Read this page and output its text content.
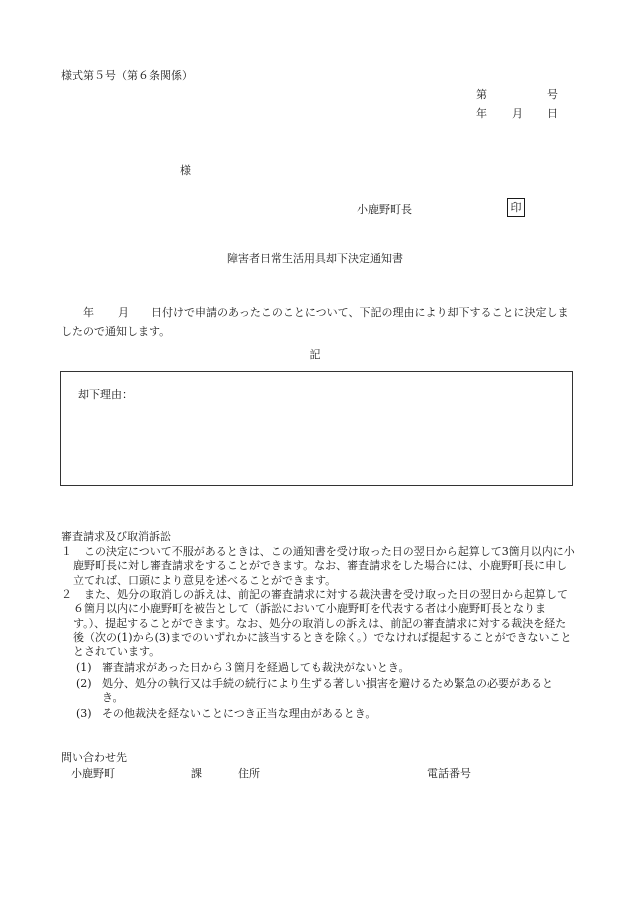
様式第５号（第６条関係）
第	号
年 月 日
様
小鹿野町長	印
障害者日常生活用具却下決定通知書
年 月 日付けで申請のあったこのことについて、下記の理由により却下することに決定しましたので通知します。
記
却下理由：
審査請求及び取消訴訟
１ 　この決定について不服があるときは、この通知書を受け取った日の翌日から起算して3箇月以内に小鹿野町長に対し審査請求をすることができます。なお、審査請求をした場合には、小鹿野町長に申し立てれば、口頭により意見を述べることができます。
２ 　また、処分の取消しの訴えは、前記の審査請求に対する裁決書を受け取った日の翌日から起算して６箇月以内に小鹿野町を被告として（訴訟において小鹿野町を代表する者は小鹿野町長となります。）、提起することができます。なお、処分の取消しの訴えは、前記の審査請求に対する裁決を経た後（次の(1)から(3)までのいずれかに該当するときを除く。）でなければ提起することができないこととされています。
(1) 審査請求があった日から３箇月を経過しても裁決がないとき。
(2) 処分、処分の執行又は手続の続行により生ずる著しい損害を避けるため緊急の必要があるとき。
(3) その他裁決を経ないことにつき正当な理由があるとき。
問い合わせ先
小鹿野町	課	住所	電話番号
